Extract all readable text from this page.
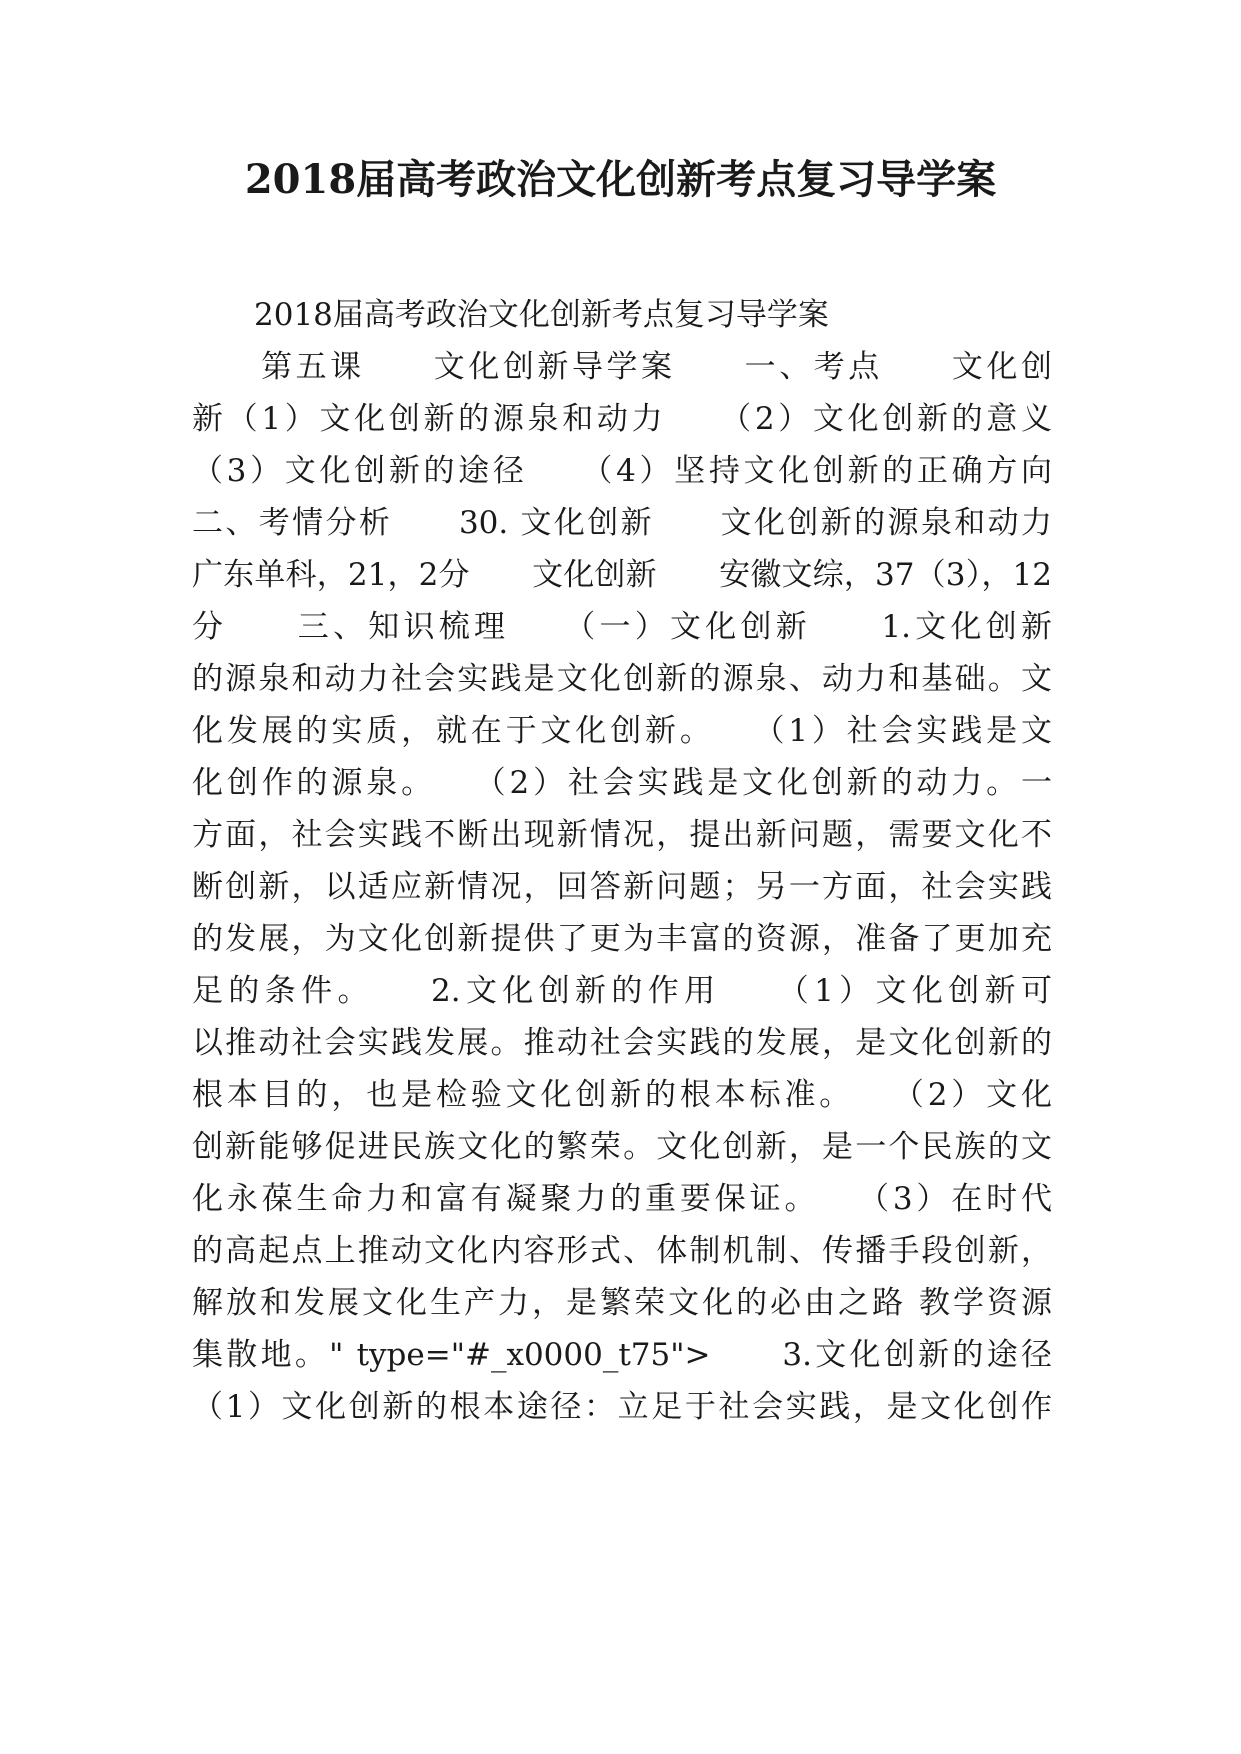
2018届高考政治文化创新考点复习导学案
2018届高考政治文化创新考点复习导学案
　　第五课　　文化创新导学案　　一、考点　　文化创
新（1）文化创新的源泉和动力　　（2）文化创新的意义
（3）文化创新的途径　　（4）坚持文化创新的正确方向
二、考情分析　　30. 文化创新　　文化创新的源泉和动力
广东单科，21，2分　　文化创新　　安徽文综，37（3），12
分　　三、知识梳理　　（一）文化创新　　1.文化创新
的源泉和动力社会实践是文化创新的源泉、动力和基础。文
化发展的实质，就在于文化创新。　　（1）社会实践是文
化创作的源泉。　　（2）社会实践是文化创新的动力。一
方面，社会实践不断出现新情况，提出新问题，需要文化不
断创新，以适应新情况，回答新问题；另一方面，社会实践
的发展，为文化创新提供了更为丰富的资源，准备了更加充
足的条件。　　2.文化创新的作用　　（1）文化创新可
以推动社会实践发展。推动社会实践的发展，是文化创新的
根本目的，也是检验文化创新的根本标准。　　（2）文化
创新能够促进民族文化的繁荣。文化创新，是一个民族的文
化永葆生命力和富有凝聚力的重要保证。　　（3）在时代
的高起点上推动文化内容形式、体制机制、传播手段创新，
解放和发展文化生产力，是繁荣文化的必由之路 教学资源
集散地。" type="#_x0000_t75">　　3.文化创新的途径
（1）文化创新的根本途径：立足于社会实践，是文化创作
